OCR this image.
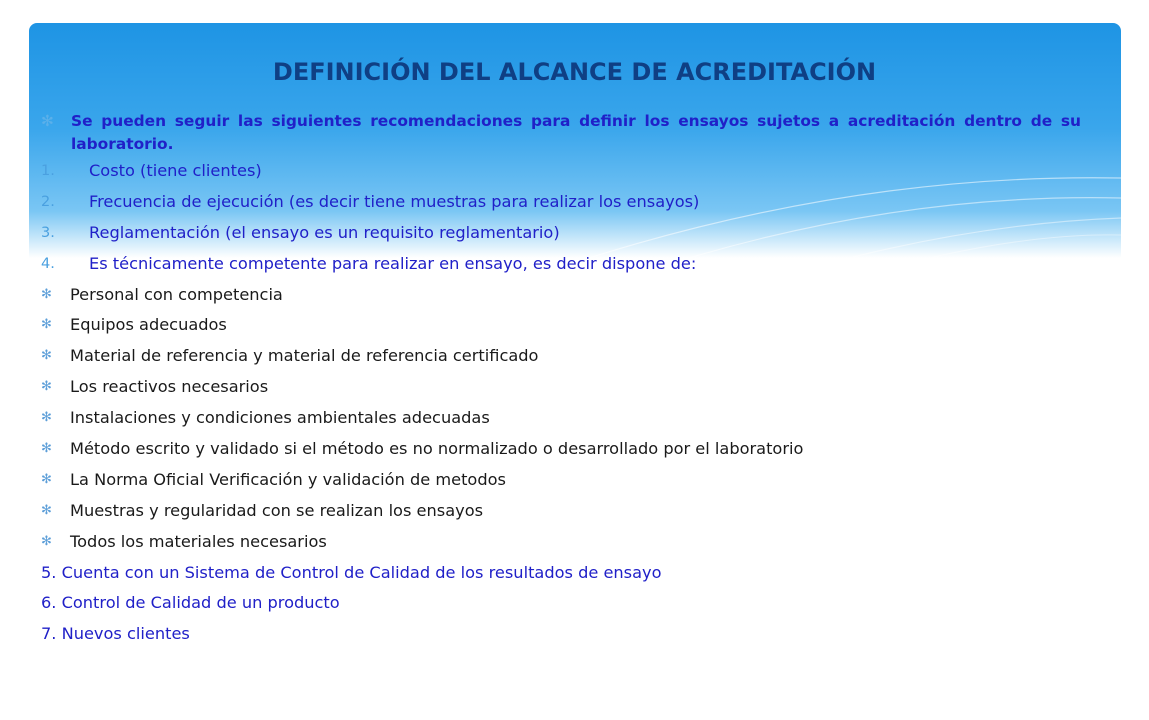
DEFINICIÓN DEL ALCANCE DE ACREDITACIÓN
✻ Se pueden seguir las siguientes recomendaciones para definir los ensayos sujetos a acreditación dentro de su laboratorio.
1. Costo (tiene clientes)
2. Frecuencia de ejecución (es decir tiene muestras para realizar los ensayos)
3. Reglamentación (el ensayo es un requisito reglamentario)
4. Es técnicamente competente para realizar en ensayo, es decir dispone de:
✻ Personal con competencia
✻ Equipos adecuados
✻ Material de referencia y material de referencia certificado
✻ Los reactivos necesarios
✻ Instalaciones y condiciones ambientales adecuadas
✻ Método escrito y validado si el método es no normalizado o desarrollado por el laboratorio
✻ La Norma Oficial Verificación y validación de metodos
✻ Muestras y regularidad con se realizan los ensayos
✻ Todos los materiales necesarios
5. Cuenta con un Sistema de Control de Calidad de los resultados de ensayo
6. Control de Calidad de un producto
7. Nuevos clientes
